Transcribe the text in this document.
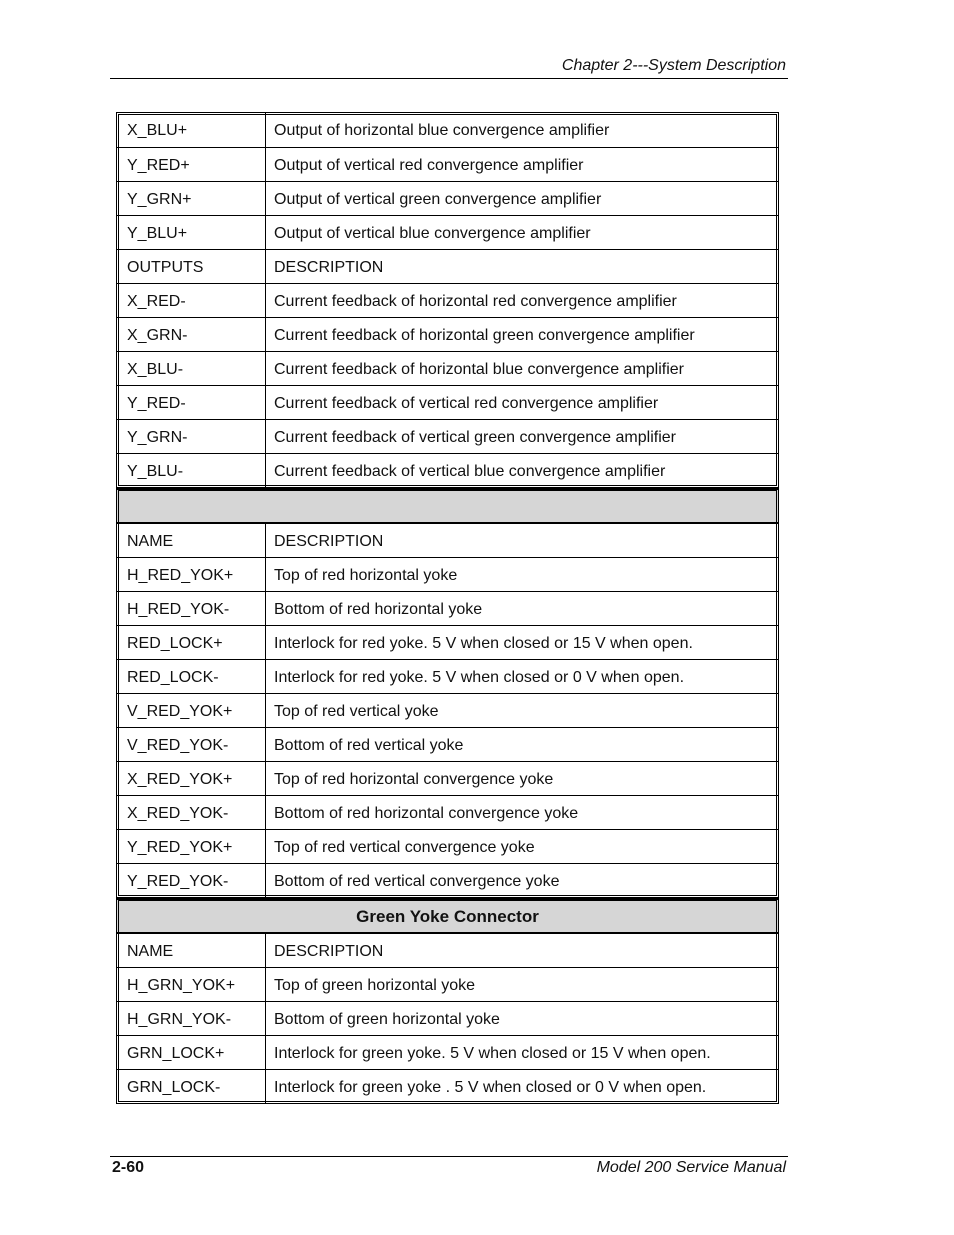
Chapter 2---System Description
X_BLU+	Output of horizontal blue convergence amplifier
Y_RED+	Output of vertical red convergence amplifier
Y_GRN+	Output of vertical green convergence amplifier
Y_BLU+	Output of vertical blue convergence amplifier
OUTPUTS	DESCRIPTION
X_RED-	Current feedback of horizontal red convergence amplifier
X_GRN-	Current feedback of horizontal green convergence amplifier
X_BLU-	Current feedback of horizontal blue convergence amplifier
Y_RED-	Current feedback of vertical red convergence amplifier
Y_GRN-	Current feedback of vertical green convergence amplifier
Y_BLU-	Current feedback of vertical blue convergence amplifier
NAME	DESCRIPTION
H_RED_YOK+	Top of red horizontal yoke
H_RED_YOK-	Bottom of red horizontal yoke
RED_LOCK+	Interlock for red yoke. 5 V when closed or 15 V when open.
RED_LOCK-	Interlock for red yoke. 5 V when closed or 0 V when open.
V_RED_YOK+	Top of red vertical yoke
V_RED_YOK-	Bottom of red vertical yoke
X_RED_YOK+	Top of red horizontal convergence yoke
X_RED_YOK-	Bottom of red horizontal convergence yoke
Y_RED_YOK+	Top of red vertical convergence yoke
Y_RED_YOK-	Bottom of red vertical convergence yoke
Green Yoke Connector
NAME	DESCRIPTION
H_GRN_YOK+	Top of green horizontal yoke
H_GRN_YOK-	Bottom of green horizontal yoke
GRN_LOCK+	Interlock for green yoke. 5 V when closed or 15 V when open.
GRN_LOCK-	Interlock for green yoke . 5 V when closed or 0 V when open.
2-60	Model 200 Service Manual
